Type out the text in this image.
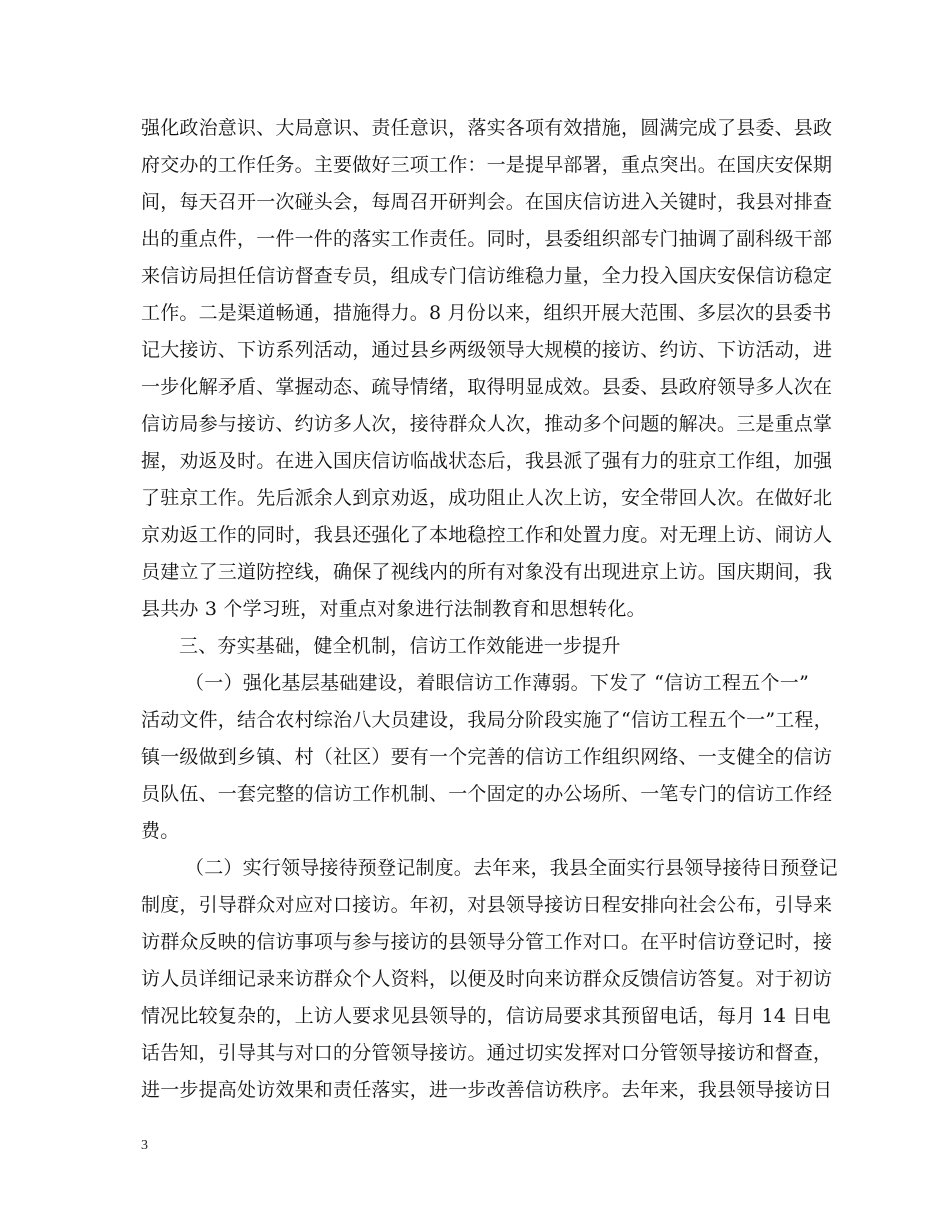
强化政治意识、大局意识、责任意识，落实各项有效措施，圆满完成了县委、县政
府交办的工作任务。主要做好三项工作：一是提早部署，重点突出。在国庆安保期
间，每天召开一次碰头会，每周召开研判会。在国庆信访进入关键时，我县对排查
出的重点件，一件一件的落实工作责任。同时，县委组织部专门抽调了副科级干部
来信访局担任信访督查专员，组成专门信访维稳力量，全力投入国庆安保信访稳定
工作。二是渠道畅通，措施得力。8 月份以来，组织开展大范围、多层次的县委书
记大接访、下访系列活动，通过县乡两级领导大规模的接访、约访、下访活动，进
一步化解矛盾、掌握动态、疏导情绪，取得明显成效。县委、县政府领导多人次在
信访局参与接访、约访多人次，接待群众人次，推动多个问题的解决。三是重点掌
握，劝返及时。在进入国庆信访临战状态后，我县派了强有力的驻京工作组，加强
了驻京工作。先后派余人到京劝返，成功阻止人次上访，安全带回人次。在做好北
京劝返工作的同时，我县还强化了本地稳控工作和处置力度。对无理上访、闹访人
员建立了三道防控线，确保了视线内的所有对象没有出现进京上访。国庆期间，我
县共办 3 个学习班，对重点对象进行法制教育和思想转化。
三、夯实基础，健全机制，信访工作效能进一步提升
（一）强化基层基础建设，着眼信访工作薄弱。下发了 “信访工程五个一”
活动文件，结合农村综治八大员建设，我局分阶段实施了“信访工程五个一”工程，
镇一级做到乡镇、村（社区）要有一个完善的信访工作组织网络、一支健全的信访
员队伍、一套完整的信访工作机制、一个固定的办公场所、一笔专门的信访工作经
费。
（二）实行领导接待预登记制度。去年来，我县全面实行县领导接待日预登记
制度，引导群众对应对口接访。年初，对县领导接访日程安排向社会公布，引导来
访群众反映的信访事项与参与接访的县领导分管工作对口。在平时信访登记时，接
访人员详细记录来访群众个人资料，以便及时向来访群众反馈信访答复。对于初访
情况比较复杂的，上访人要求见县领导的，信访局要求其预留电话，每月 14 日电
话告知，引导其与对口的分管领导接访。通过切实发挥对口分管领导接访和督查，
进一步提高处访效果和责任落实，进一步改善信访秩序。去年来，我县领导接访日
3
